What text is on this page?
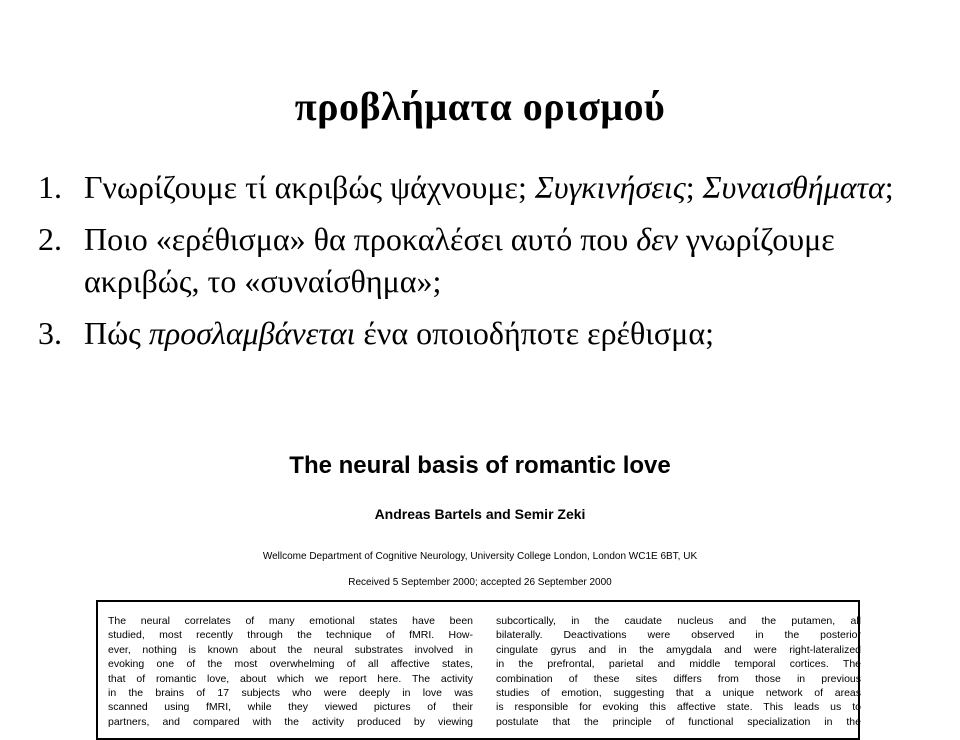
προβλήματα ορισμού
1. Γνωρίζουμε τί ακριβώς ψάχνουμε; Συγκινήσεις; Συναισθήματα;
2. Ποιο «ερέθισμα» θα προκαλέσει αυτό που δεν γνωρίζουμε ακριβώς, το «συναίσθημα»;
3. Πώς προσλαμβάνεται ένα οποιοδήποτε ερέθισμα;
The neural basis of romantic love
Andreas Bartels and Semir Zeki
Wellcome Department of Cognitive Neurology, University College London, London WC1E 6BT, UK
Received 5 September 2000; accepted 26 September 2000
The neural correlates of many emotional states have been
studied, most recently through the technique of fMRI. How-
ever, nothing is known about the neural substrates involved in
evoking one of the most overwhelming of all affective states,
that of romantic love, about which we report here. The activity
in the brains of 17 subjects who were deeply in love was
scanned using fMRI, while they viewed pictures of their
partners, and compared with the activity produced by viewing
subcortically, in the caudate nucleus and the putamen, all
bilaterally. Deactivations were observed in the posterior
cingulate gyrus and in the amygdala and were right-lateralized
in the prefrontal, parietal and middle temporal cortices. The
combination of these sites differs from those in previous
studies of emotion, suggesting that a unique network of areas
is responsible for evoking this affective state. This leads us to
postulate that the principle of functional specialization in the
